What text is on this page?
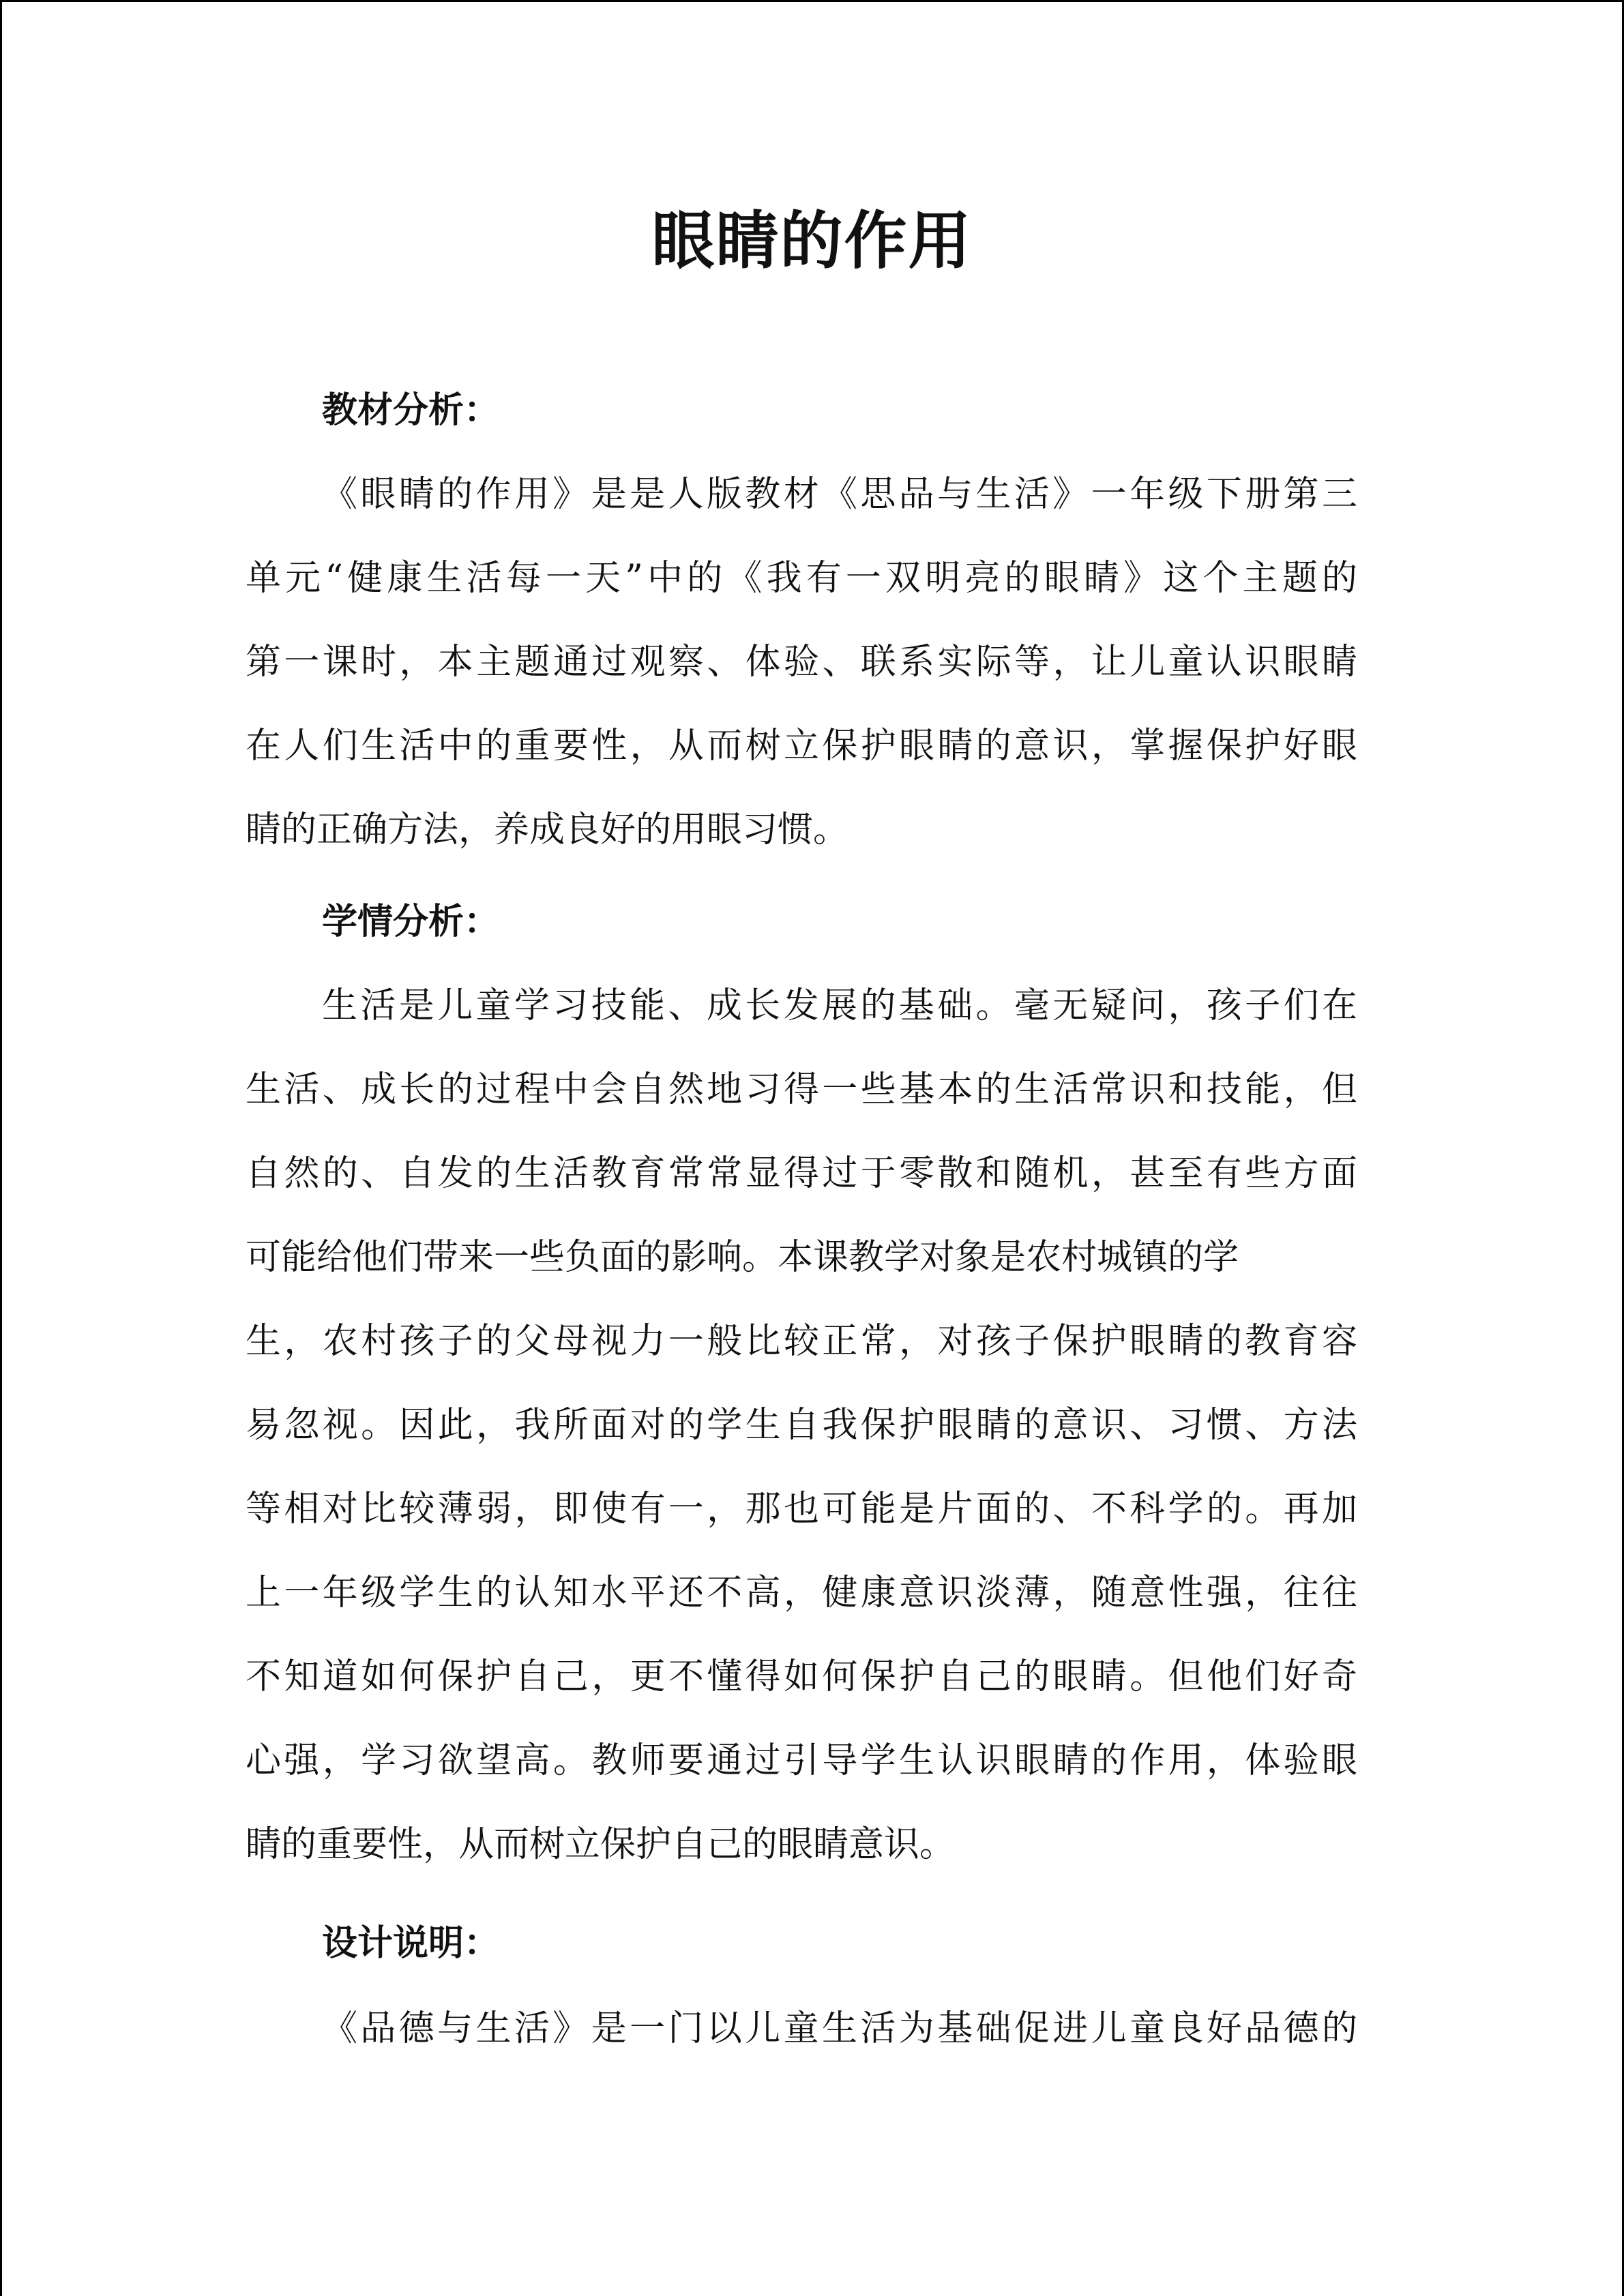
眼睛的作用
教材分析：
《眼睛的作用》是是人版教材《思品与生活》一年级下册第三
单元“健康生活每一天”中的《我有一双明亮的眼睛》这个主题的
第一课时，本主题通过观察、体验、联系实际等，让儿童认识眼睛
在人们生活中的重要性，从而树立保护眼睛的意识，掌握保护好眼
睛的正确方法，养成良好的用眼习惯。
学情分析：
生活是儿童学习技能、成长发展的基础。毫无疑问，孩子们在
生活、成长的过程中会自然地习得一些基本的生活常识和技能，但
自然的、自发的生活教育常常显得过于零散和随机，甚至有些方面
可能给他们带来一些负面的影响。本课教学对象是农村城镇的学
生，农村孩子的父母视力一般比较正常，对孩子保护眼睛的教育容
易忽视。因此，我所面对的学生自我保护眼睛的意识、习惯、方法
等相对比较薄弱，即使有一，那也可能是片面的、不科学的。再加
上一年级学生的认知水平还不高，健康意识淡薄，随意性强，往往
不知道如何保护自己，更不懂得如何保护自己的眼睛。但他们好奇
心强，学习欲望高。教师要通过引导学生认识眼睛的作用，体验眼
睛的重要性，从而树立保护自己的眼睛意识。
设计说明：
《品德与生活》是一门以儿童生活为基础促进儿童良好品德的
